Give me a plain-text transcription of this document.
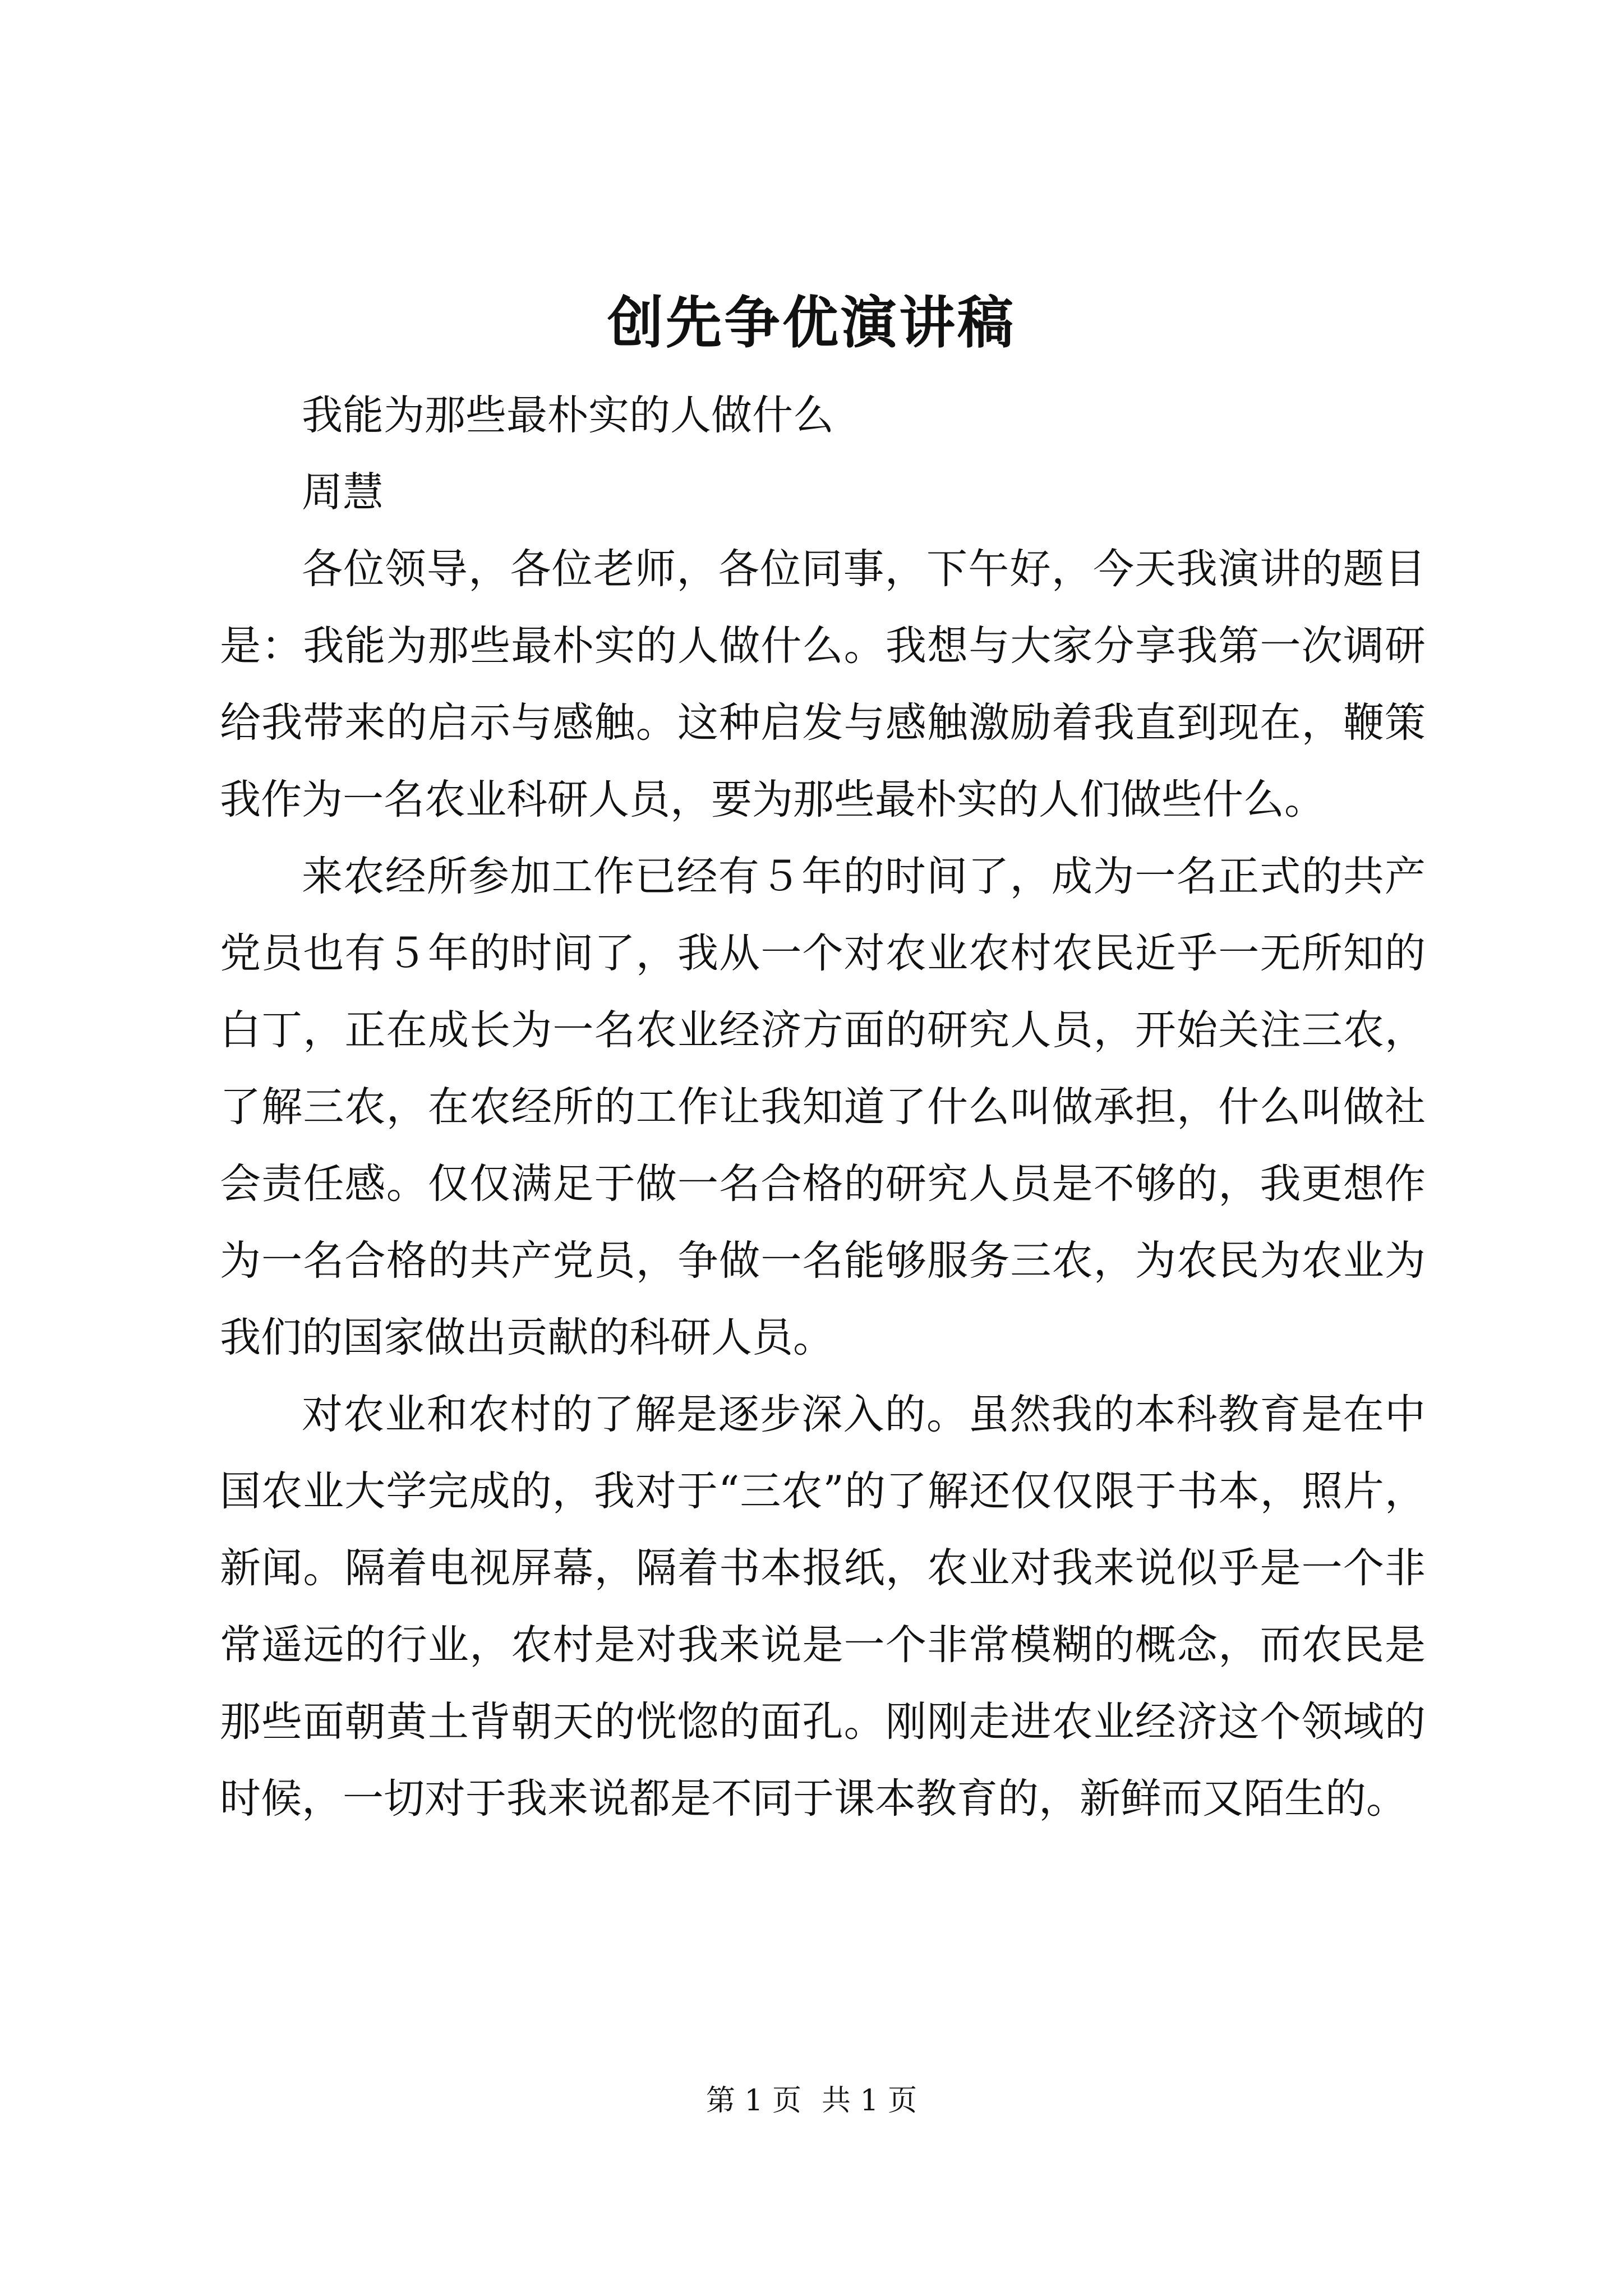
创先争优演讲稿

我能为那些最朴实的人做什么

周慧

各位领导，各位老师，各位同事，下午好，今天我演讲的题目是：我能为那些最朴实的人做什么。我想与大家分享我第一次调研给我带来的启示与感触。这种启发与感触激励着我直到现在，鞭策我作为一名农业科研人员，要为那些最朴实的人们做些什么。

来农经所参加工作已经有５年的时间了，成为一名正式的共产党员也有５年的时间了，我从一个对农业农村农民近乎一无所知的白丁，正在成长为一名农业经济方面的研究人员，开始关注三农，了解三农，在农经所的工作让我知道了什么叫做承担，什么叫做社会责任感。仅仅满足于做一名合格的研究人员是不够的，我更想作为一名合格的共产党员，争做一名能够服务三农，为农民为农业为我们的国家做出贡献的科研人员。

对农业和农村的了解是逐步深入的。虽然我的本科教育是在中国农业大学完成的，我对于“三农”的了解还仅仅限于书本，照片，新闻。隔着电视屏幕，隔着书本报纸，农业对我来说似乎是一个非常遥远的行业，农村是对我来说是一个非常模糊的概念，而农民是那些面朝黄土背朝天的恍惚的面孔。刚刚走进农业经济这个领域的时候，一切对于我来说都是不同于课本教育的，新鲜而又陌生的。

第 1 页 共 1 页
